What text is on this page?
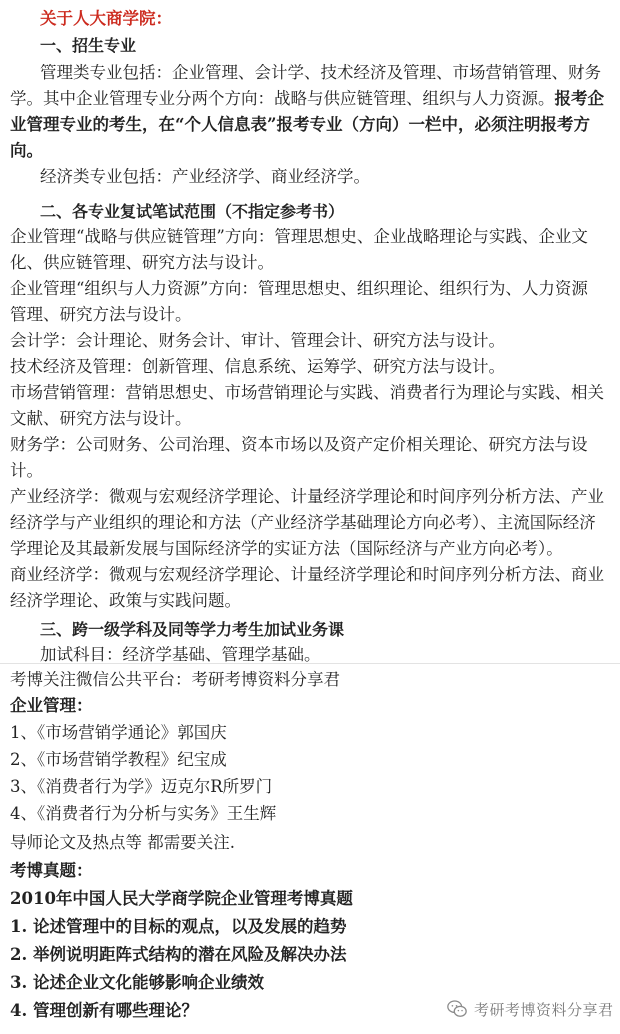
关于人大商学院：
一、招生专业
管理类专业包括：企业管理、会计学、技术经济及管理、市场营销管理、财务
学。其中企业管理专业分两个方向：战略与供应链管理、组织与人力资源。报考企
业管理专业的考生，在“个人信息表”报考专业（方向）一栏中，必须注明报考方
向。
经济类专业包括：产业经济学、商业经济学。
二、各专业复试笔试范围（不指定参考书）
企业管理“战略与供应链管理”方向：管理思想史、企业战略理论与实践、企业文
化、供应链管理、研究方法与设计。
企业管理“组织与人力资源”方向：管理思想史、组织理论、组织行为、人力资源
管理、研究方法与设计。
会计学：会计理论、财务会计、审计、管理会计、研究方法与设计。
技术经济及管理：创新管理、信息系统、运筹学、研究方法与设计。
市场营销管理：营销思想史、市场营销理论与实践、消费者行为理论与实践、相关
文献、研究方法与设计。
财务学：公司财务、公司治理、资本市场以及资产定价相关理论、研究方法与设
计。
产业经济学：微观与宏观经济学理论、计量经济学理论和时间序列分析方法、产业
经济学与产业组织的理论和方法（产业经济学基础理论方向必考）、主流国际经济
学理论及其最新发展与国际经济学的实证方法（国际经济与产业方向必考）。
商业经济学：微观与宏观经济学理论、计量经济学理论和时间序列分析方法、商业
经济学理论、政策与实践问题。
三、跨一级学科及同等学力考生加试业务课
加试科目：经济学基础、管理学基础。
考博关注微信公共平台：考研考博资料分享君
企业管理：
1、《市场营销学通论》郭国庆
2、《市场营销学教程》纪宝成
3、《消费者行为学》迈克尔R所罗门
4、《消费者行为分析与实务》王生辉
导师论文及热点等 都需要关注.
考博真题：
2010年中国人民大学商学院企业管理考博真题
1. 论述管理中的目标的观点，以及发展的趋势
2. 举例说明距阵式结构的潜在风险及解决办法
3. 论述企业文化能够影响企业绩效
4. 管理创新有哪些理论？	考研考博资料分享君
